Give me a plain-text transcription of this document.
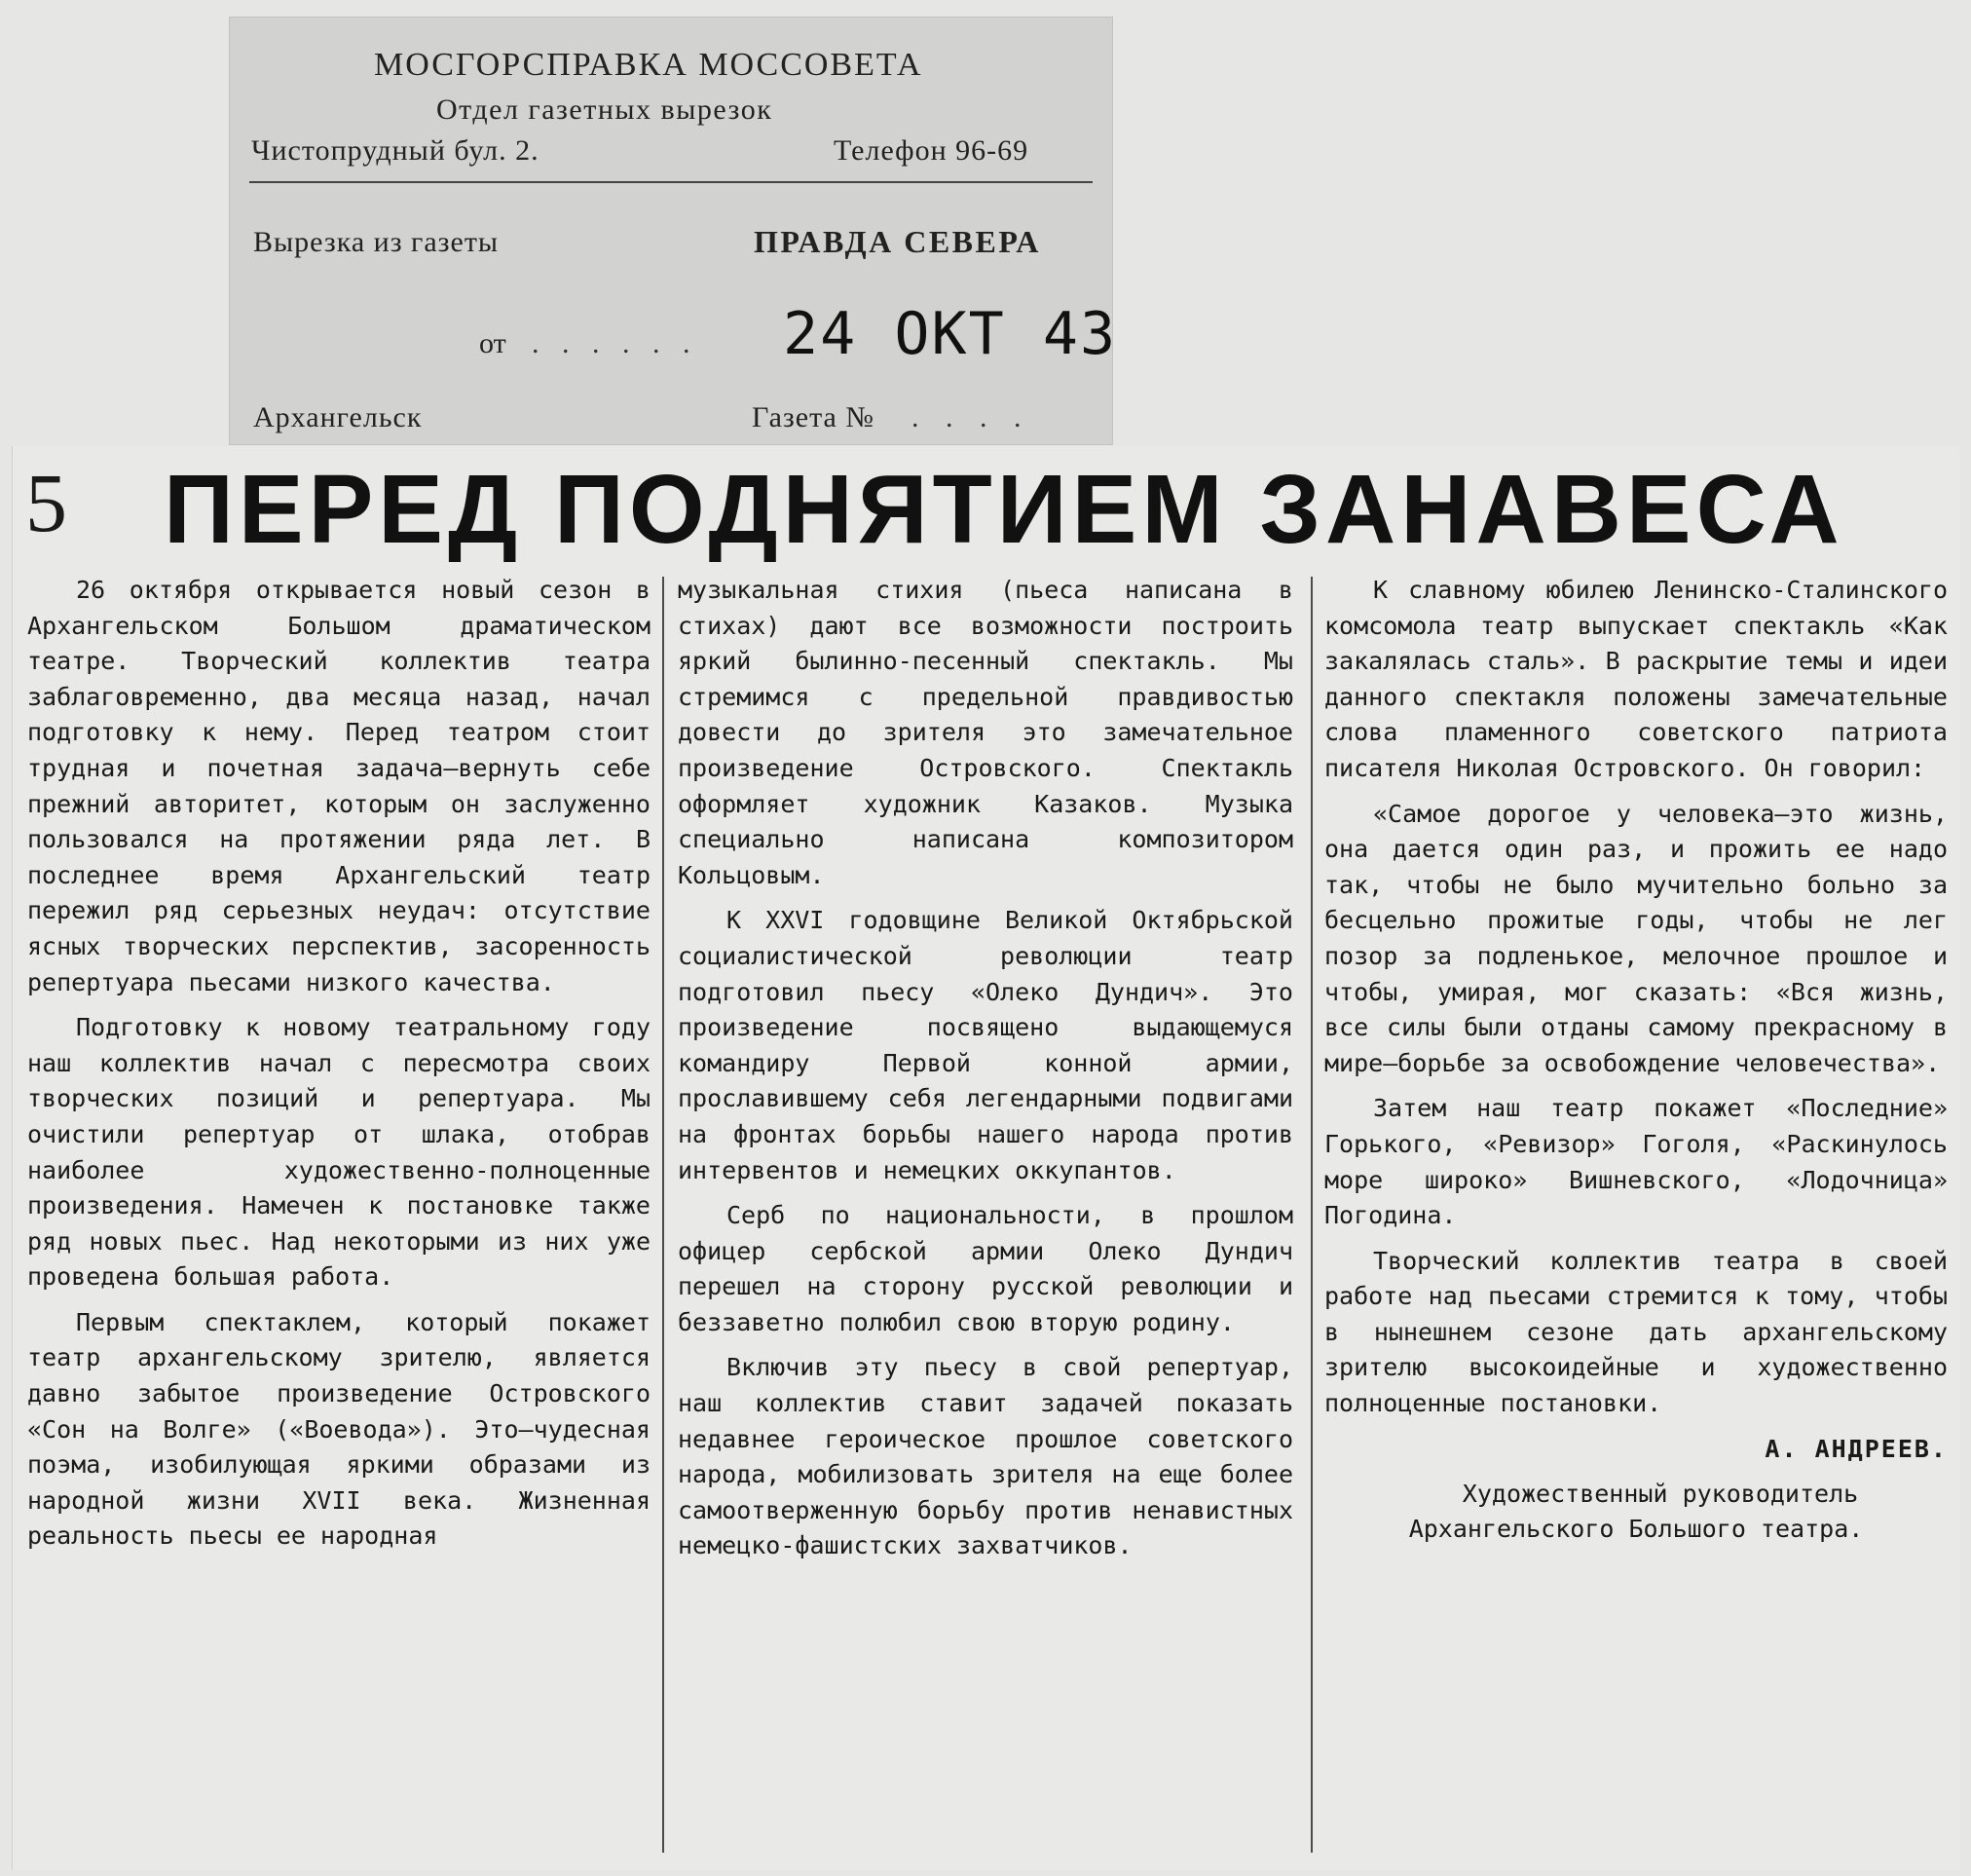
МОСГОРСПРАВКА МОССОВЕТА
Отдел газетных вырезок
Чистопрудный бул. 2.	Телефон 96-69
Вырезка из газеты	ПРАВДА СЕВЕРА
от . . . . . . 24 ОКТ 43
Архангельск	Газета № . . . .
5 ПЕРЕД ПОДНЯТИЕМ ЗАНАВЕСА

26 октября открывается новый сезон в Архангельском Большом драматическом театре. Творческий коллектив театра заблаговременно, два месяца назад, начал подготовку к нему. Перед театром стоит трудная и почетная задача—вернуть себе прежний авторитет, которым он заслуженно пользовался на протяжении ряда лет. В последнее время Архангельский театр пережил ряд серьезных неудач: отсутствие ясных творческих перспектив, засоренность репертуара пьесами низкого качества.

Подготовку к новому театральному году наш коллектив начал с пересмотра своих творческих позиций и репертуара. Мы очистили репертуар от шлака, отобрав наиболее художественно-полноценные произведения. Намечен к постановке также ряд новых пьес. Над некоторыми из них уже проведена большая работа.

Первым спектаклем, который покажет театр архангельскому зрителю, является давно забытое произведение Островского «Сон на Волге» («Воевода»). Это—чудесная поэма, изобилующая яркими образами из народной жизни XVII века. Жизненная реальность пьесы ее народная

музыкальная стихия (пьеса написана в стихах) дают все возможности построить яркий былинно-песенный спектакль. Мы стремимся с предельной правдивостью довести до зрителя это замечательное произведение Островского. Спектакль оформляет художник Казаков. Музыка специально написана композитором Кольцовым.

К XXVI годовщине Великой Октябрьской социалистической революции театр подготовил пьесу «Олеко Дундич». Это произведение посвящено выдающемуся командиру Первой конной армии, прославившему себя легендарными подвигами на фронтах борьбы нашего народа против интервентов и немецких оккупантов.

Серб по национальности, в прошлом офицер сербской армии Олеко Дундич перешел на сторону русской революции и беззаветно полюбил свою вторую родину.

Включив эту пьесу в свой репертуар, наш коллектив ставит задачей показать недавнее героическое прошлое советского народа, мобилизовать зрителя на еще более самоотверженную борьбу против ненавистных немецко-фашистских захватчиков.

К славному юбилею Ленинско-Сталинского комсомола театр выпускает спектакль «Как закалялась сталь». В раскрытие темы и идеи данного спектакля положены замечательные слова пламенного советского патриота писателя Николая Островского. Он говорил:

«Самое дорогое у человека—это жизнь, она дается один раз, и прожить ее надо так, чтобы не было мучительно больно за бесцельно прожитые годы, чтобы не лег позор за подленькое, мелочное прошлое и чтобы, умирая, мог сказать: «Вся жизнь, все силы были отданы самому прекрасному в мире—борьбе за освобождение человечества».

Затем наш театр покажет «Последние» Горького, «Ревизор» Гоголя, «Раскинулось море широко» Вишневского, «Лодочница» Погодина.

Творческий коллектив театра в своей работе над пьесами стремится к тому, чтобы в нынешнем сезоне дать архангельскому зрителю высокоидейные и художественно полноценные постановки.

А. АНДРЕЕВ.

Художественный руководитель Архангельского Большого театра.
